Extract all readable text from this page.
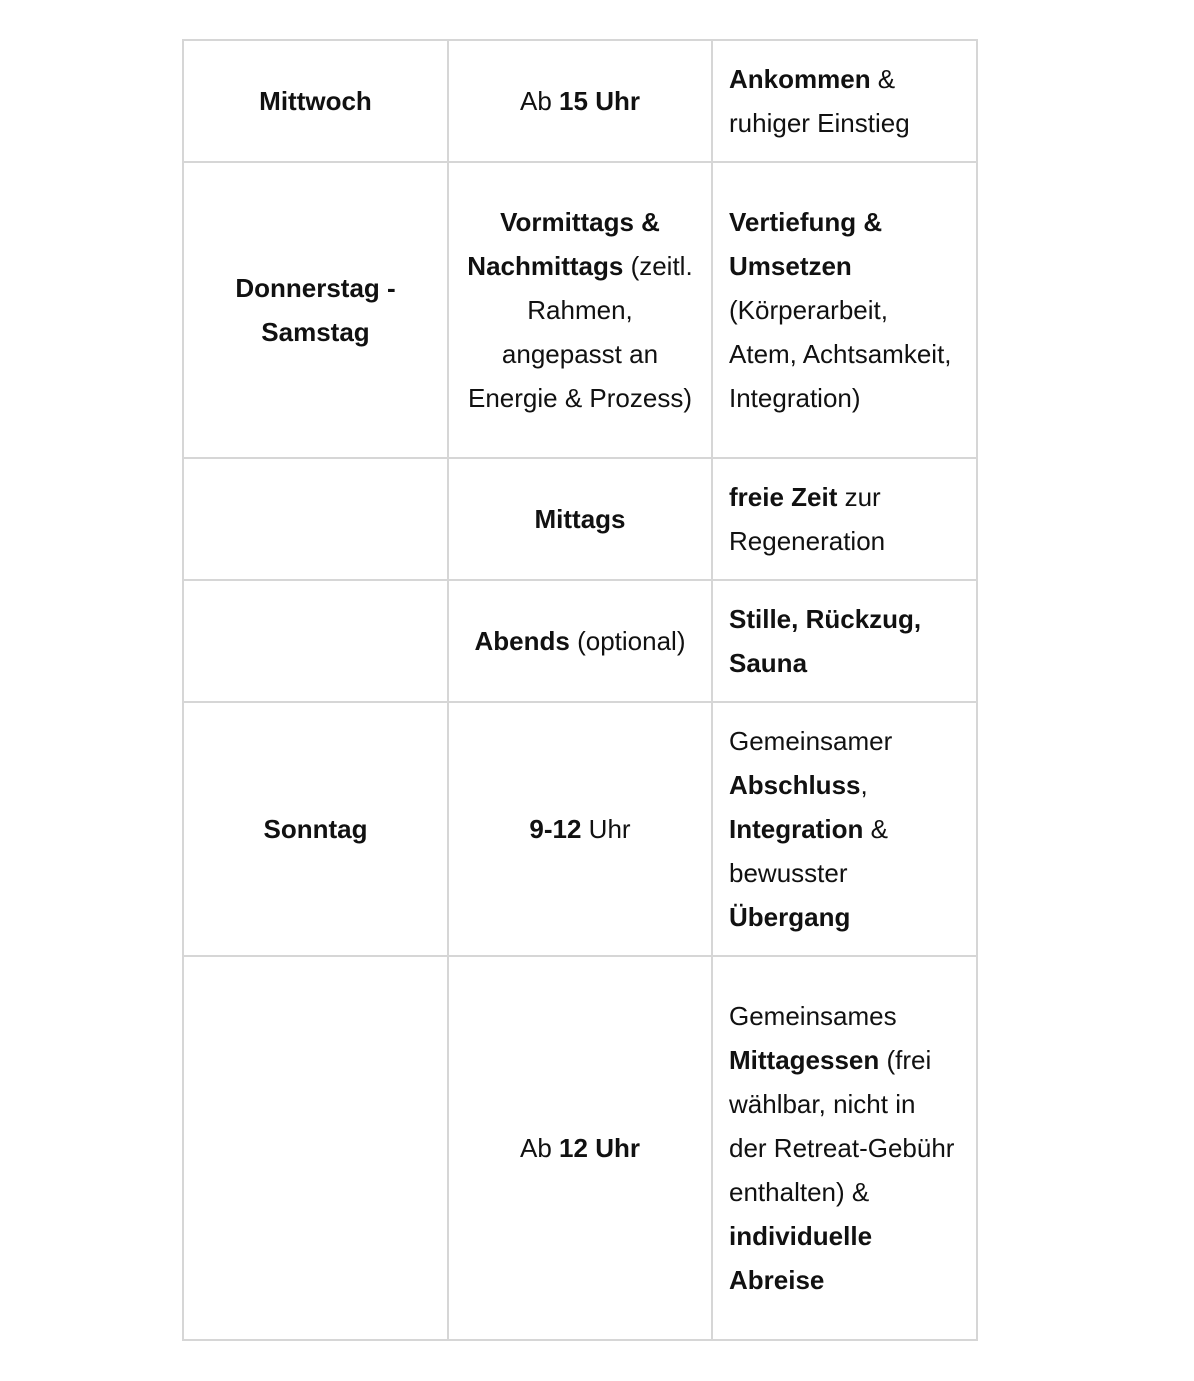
Mittwoch	Ab 15 Uhr	Ankommen & ruhiger Einstieg
Donnerstag - Samstag	Vormittags & Nachmittags (zeitl. Rahmen, angepasst an Energie & Prozess)	Vertiefung & Umsetzen (Körperarbeit, Atem, Achtsamkeit, Integration)
	Mittags	freie Zeit zur Regeneration
	Abends (optional)	Stille, Rückzug, Sauna
Sonntag	9-12 Uhr	Gemeinsamer Abschluss, Integration & bewusster Übergang
	Ab 12 Uhr	Gemeinsames Mittagessen (frei wählbar, nicht in der Retreat-Gebühr enthalten) & individuelle Abreise
